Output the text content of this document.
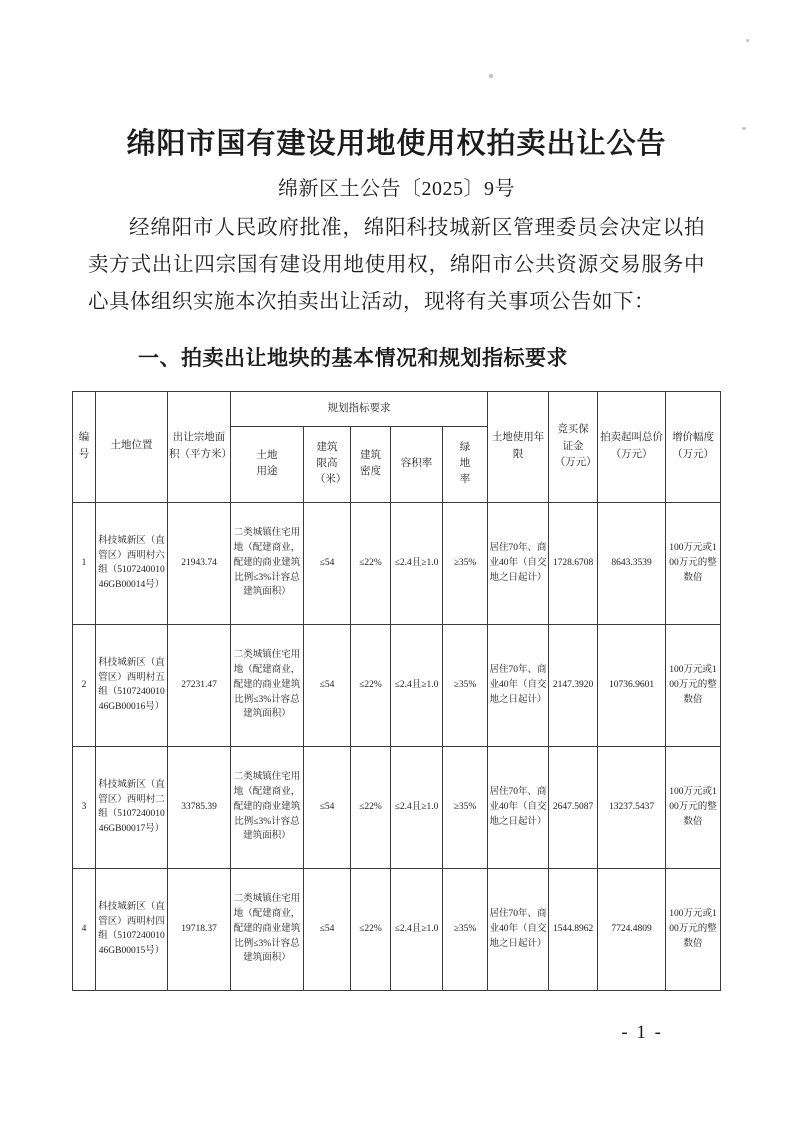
绵阳市国有建设用地使用权拍卖出让公告
绵新区土公告〔2025〕9号

经绵阳市人民政府批准，绵阳科技城新区管理委员会决定以拍卖方式出让四宗国有建设用地使用权，绵阳市公共资源交易服务中心具体组织实施本次拍卖出让活动，现将有关事项公告如下：

一、拍卖出让地块的基本情况和规划指标要求
编号	土地位置	出让宗地面积（平方米）	规划指标要求					土地使用年限	竞买保证金（万元）	拍卖起叫总价（万元）	增价幅度（万元）
			土地用途	建筑限高（米）	建筑密度	容积率	绿地率				
1	科技城新区（直管区）西明村六组（510724001046GB00014号）	21943.74	二类城镇住宅用地（配建商业，配建的商业建筑比例≤3%计容总建筑面积）	≤54	≤22%	≤2.4且≥1.0	≥35%	居住70年、商业40年（自交地之日起计）	1728.6708	8643.3539	100万元或100万元的整数倍
2	科技城新区（直管区）西明村五组（510724001046GB00016号）	27231.47	二类城镇住宅用地（配建商业，配建的商业建筑比例≤3%计容总建筑面积）	≤54	≤22%	≤2.4且≥1.0	≥35%	居住70年、商业40年（自交地之日起计）	2147.3920	10736.9601	100万元或100万元的整数倍
3	科技城新区（直管区）西明村二组（510724001046GB00017号）	33785.39	二类城镇住宅用地（配建商业，配建的商业建筑比例≤3%计容总建筑面积）	≤54	≤22%	≤2.4且≥1.0	≥35%	居住70年、商业40年（自交地之日起计）	2647.5087	13237.5437	100万元或100万元的整数倍
4	科技城新区（直管区）西明村四组（510724001046GB00015号）	19718.37	二类城镇住宅用地（配建商业，配建的商业建筑比例≤3%计容总建筑面积）	≤54	≤22%	≤2.4且≥1.0	≥35%	居住70年、商业40年（自交地之日起计）	1544.8962	7724.4809	100万元或100万元的整数倍
- 1 -
